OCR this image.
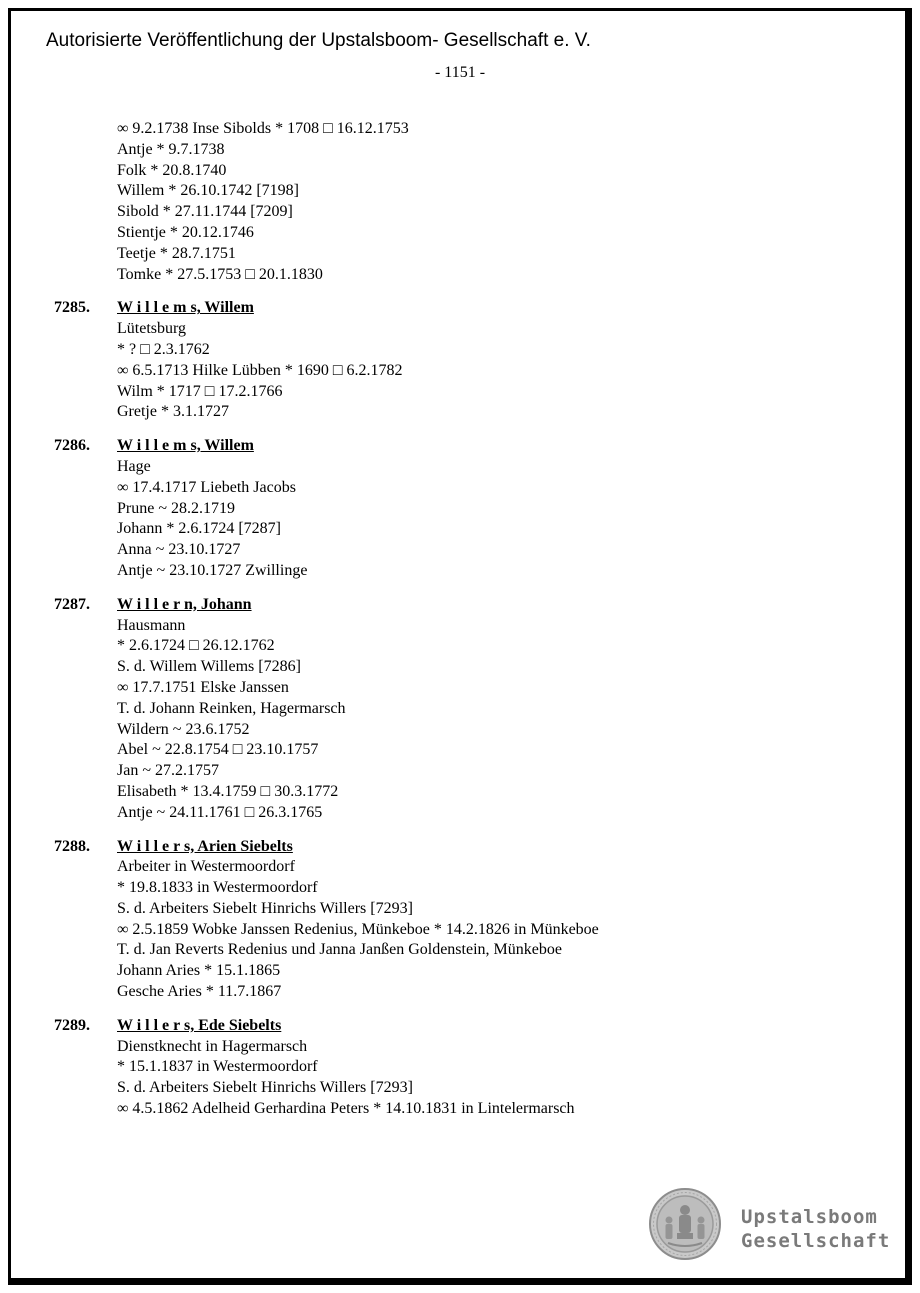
Autorisierte Veröffentlichung der Upstalsboom- Gesellschaft e. V.
- 1151 -
∞ 9.2.1738 Inse Sibolds * 1708 □ 16.12.1753
Antje * 9.7.1738
Folk * 20.8.1740
Willem * 26.10.1742 [7198]
Sibold * 27.11.1744 [7209]
Stientje * 20.12.1746
Teetje * 28.7.1751
Tomke * 27.5.1753 □ 20.1.1830
7285. W i l l e m s, Willem
Lütetsburg
* ? □ 2.3.1762
∞ 6.5.1713 Hilke Lübben * 1690 □ 6.2.1782
Wilm * 1717 □ 17.2.1766
Gretje * 3.1.1727
7286. W i l l e m s, Willem
Hage
∞ 17.4.1717 Liebeth Jacobs
Prune ~ 28.2.1719
Johann * 2.6.1724 [7287]
Anna ~ 23.10.1727
Antje ~ 23.10.1727 Zwillinge
7287. W i l l e r n, Johann
Hausmann
* 2.6.1724 □ 26.12.1762
S. d. Willem Willems [7286]
∞ 17.7.1751 Elske Janssen
T. d. Johann Reinken, Hagermarsch
Wildern ~ 23.6.1752
Abel ~ 22.8.1754 □ 23.10.1757
Jan ~ 27.2.1757
Elisabeth * 13.4.1759 □ 30.3.1772
Antje ~ 24.11.1761 □ 26.3.1765
7288. W i l l e r s, Arien Siebelts
Arbeiter in Westermoordorf
* 19.8.1833 in Westermoordorf
S. d. Arbeiters Siebelt Hinrichs Willers [7293]
∞ 2.5.1859 Wobke Janssen Redenius, Münkeboe * 14.2.1826 in Münkeboe
T. d. Jan Reverts Redenius und Janna Janßen Goldenstein, Münkeboe
Johann Aries * 15.1.1865
Gesche Aries * 11.7.1867
7289. W i l l e r s, Ede Siebelts
Dienstknecht in Hagermarsch
* 15.1.1837 in Westermoordorf
S. d. Arbeiters Siebelt Hinrichs Willers [7293]
∞ 4.5.1862 Adelheid Gerhardina Peters * 14.10.1831 in Lintelermarsch
Upstalsboom
Gesellschaft
